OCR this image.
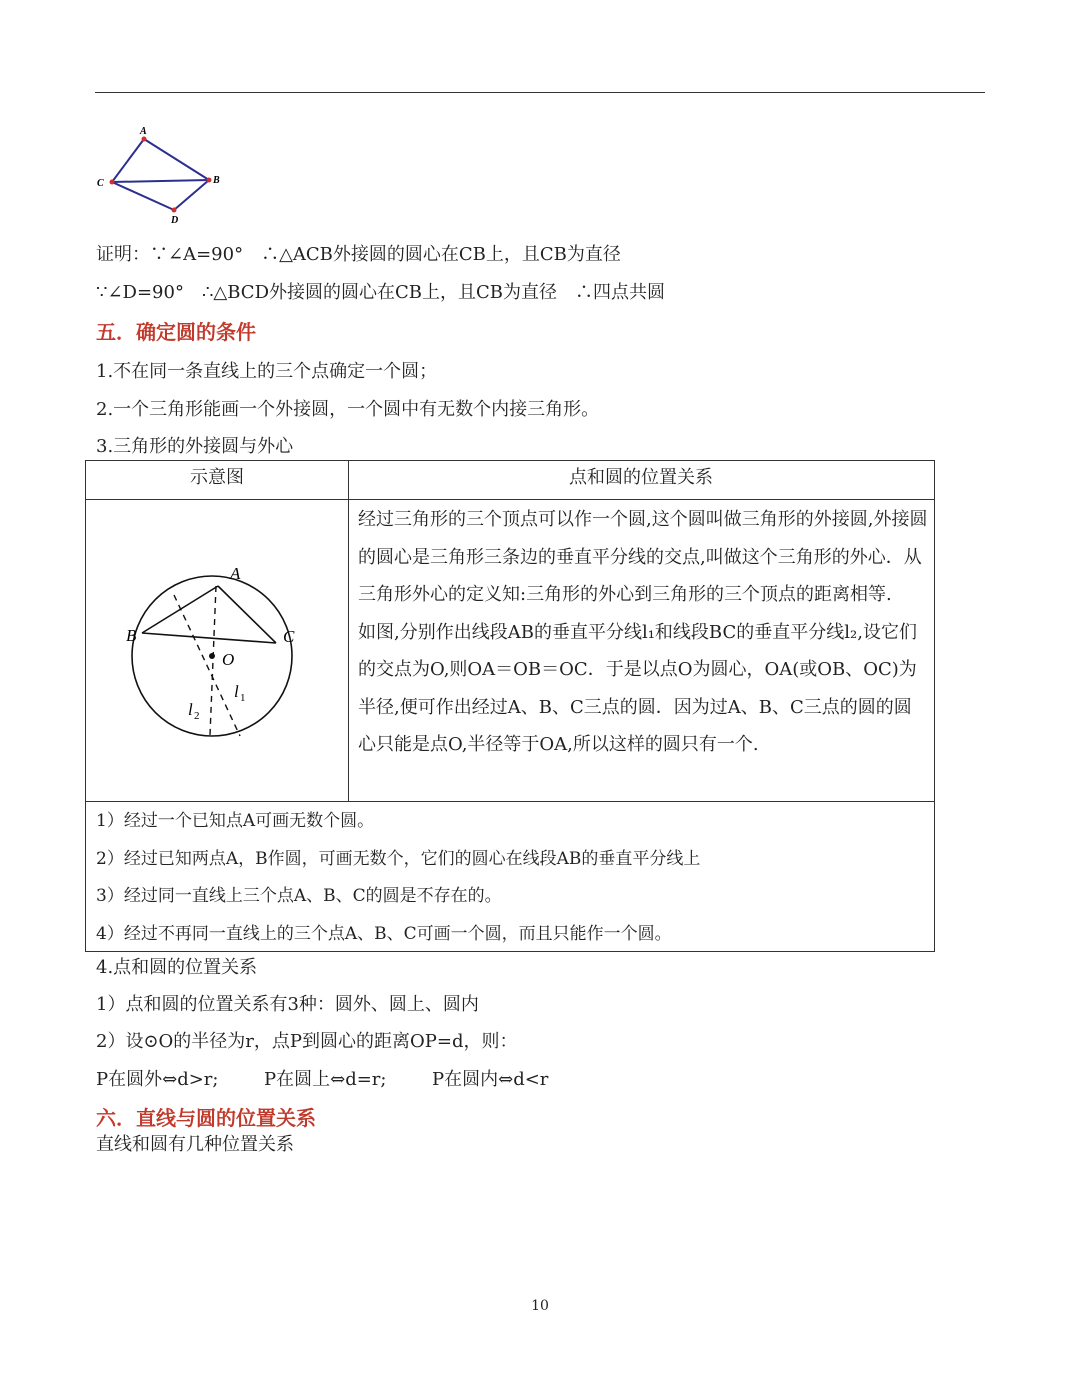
A
C	B
D
证明：∵∠A=90°　∴△ACB外接圆的圆心在CB上，且CB为直径
∵∠D=90°　∴△BCD外接圆的圆心在CB上，且CB为直径　∴四点共圆
五．确定圆的条件
1.不在同一条直线上的三个点确定一个圆；
2.一个三角形能画一个外接圆，一个圆中有无数个内接三角形。
3.三角形的外接圆与外心
示意图	点和圆的位置关系
A
B	C
O
l 2
l 1

经过三角形的三个顶点可以作一个圆,这个圆叫做三角形的外接圆,外接圆的圆心是三角形三条边的垂直平分线的交点,叫做这个三角形的外心．从三角形外心的定义知:三角形的外心到三角形的三个顶点的距离相等.

如图,分别作出线段AB的垂直平分线l₁和线段BC的垂直平分线l₂,设它们的交点为O,则OA＝OB＝OC．于是以点O为圆心，OA(或OB、OC)为半径,便可作出经过A、B、C三点的圆．因为过A、B、C三点的圆的圆心只能是点O,半径等于OA,所以这样的圆只有一个.

1）经过一个已知点A可画无数个圆。

2）经过已知两点A，B作圆，可画无数个，它们的圆心在线段AB的垂直平分线上

3）经过同一直线上三个点A、B、C的圆是不存在的。

4）经过不再同一直线上的三个点A、B、C可画一个圆，而且只能作一个圆。

4.点和圆的位置关系
1）点和圆的位置关系有3种：圆外、圆上、圆内
2）设⊙O的半径为r，点P到圆心的距离OP=d，则：
P在圆外⇔d>r;	P在圆上⇔d=r;	P在圆内⇔d<r
六．直线与圆的位置关系
直线和圆有几种位置关系
10
